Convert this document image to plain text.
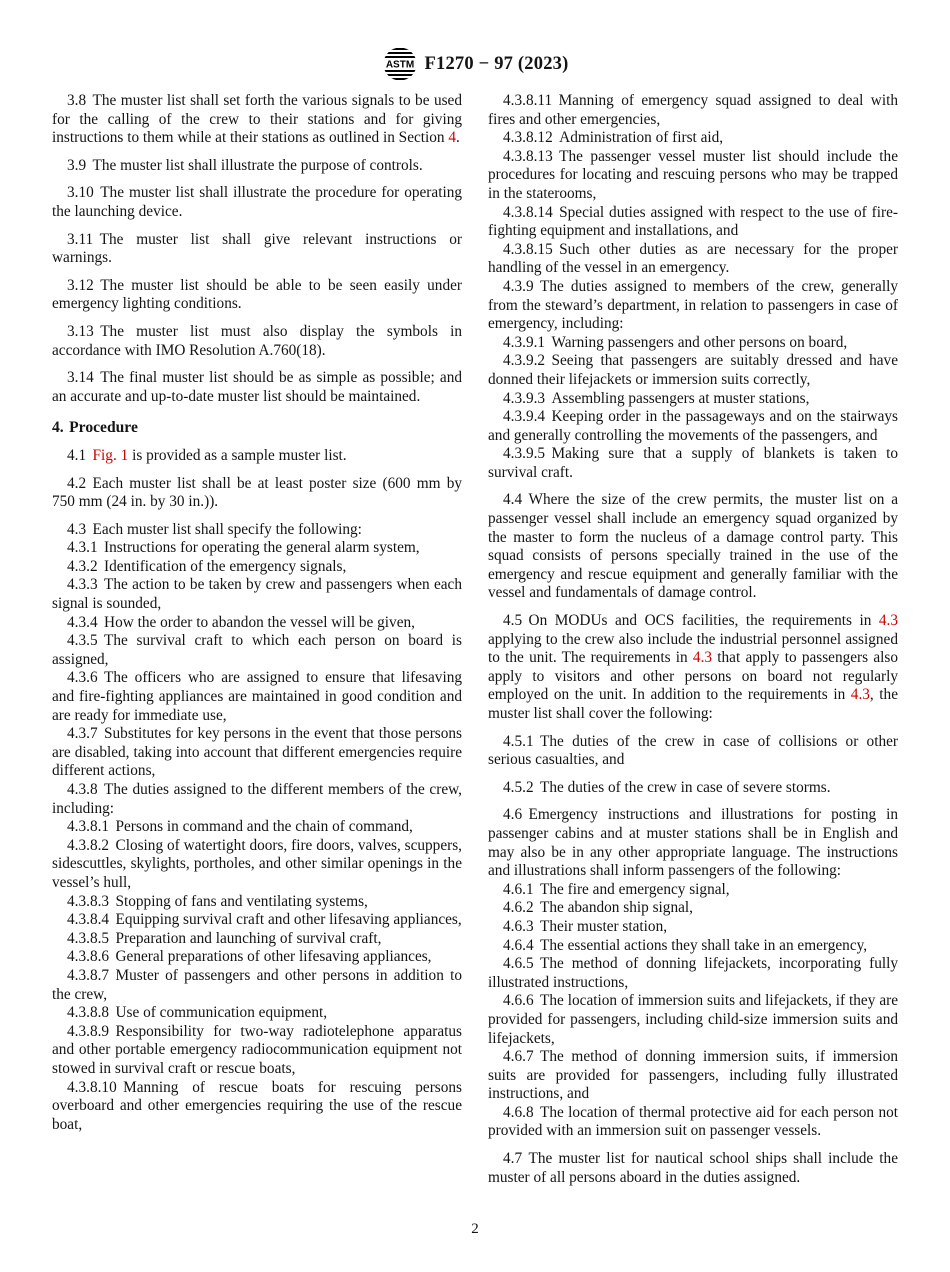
ASTM F1270 − 97 (2023)

3.8 The muster list shall set forth the various signals to be used for the calling of the crew to their stations and for giving instructions to them while at their stations as outlined in Section 4.

3.9 The muster list shall illustrate the purpose of controls.

3.10 The muster list shall illustrate the procedure for operating the launching device.

3.11 The muster list shall give relevant instructions or warnings.

3.12 The muster list should be able to be seen easily under emergency lighting conditions.

3.13 The muster list must also display the symbols in accordance with IMO Resolution A.760(18).

3.14 The final muster list should be as simple as possible; and an accurate and up-to-date muster list should be maintained.

4. Procedure

4.1 Fig. 1 is provided as a sample muster list.

4.2 Each muster list shall be at least poster size (600 mm by 750 mm (24 in. by 30 in.)).

4.3 Each muster list shall specify the following:

4.3.1 Instructions for operating the general alarm system,

4.3.2 Identification of the emergency signals,

4.3.3 The action to be taken by crew and passengers when each signal is sounded,

4.3.4 How the order to abandon the vessel will be given,

4.3.5 The survival craft to which each person on board is assigned,

4.3.6 The officers who are assigned to ensure that lifesaving and fire-fighting appliances are maintained in good condition and are ready for immediate use,

4.3.7 Substitutes for key persons in the event that those persons are disabled, taking into account that different emergencies require different actions,

4.3.8 The duties assigned to the different members of the crew, including:

4.3.8.1 Persons in command and the chain of command,

4.3.8.2 Closing of watertight doors, fire doors, valves, scuppers, sidescuttles, skylights, portholes, and other similar openings in the vessel’s hull,

4.3.8.3 Stopping of fans and ventilating systems,

4.3.8.4 Equipping survival craft and other lifesaving appliances,

4.3.8.5 Preparation and launching of survival craft,

4.3.8.6 General preparations of other lifesaving appliances,

4.3.8.7 Muster of passengers and other persons in addition to the crew,

4.3.8.8 Use of communication equipment,

4.3.8.9 Responsibility for two-way radiotelephone apparatus and other portable emergency radiocommunication equipment not stowed in survival craft or rescue boats,

4.3.8.10 Manning of rescue boats for rescuing persons overboard and other emergencies requiring the use of the rescue boat,

4.3.8.11 Manning of emergency squad assigned to deal with fires and other emergencies,

4.3.8.12 Administration of first aid,

4.3.8.13 The passenger vessel muster list should include the procedures for locating and rescuing persons who may be trapped in the staterooms,

4.3.8.14 Special duties assigned with respect to the use of fire-fighting equipment and installations, and

4.3.8.15 Such other duties as are necessary for the proper handling of the vessel in an emergency.

4.3.9 The duties assigned to members of the crew, generally from the steward’s department, in relation to passengers in case of emergency, including:

4.3.9.1 Warning passengers and other persons on board,

4.3.9.2 Seeing that passengers are suitably dressed and have donned their lifejackets or immersion suits correctly,

4.3.9.3 Assembling passengers at muster stations,

4.3.9.4 Keeping order in the passageways and on the stairways and generally controlling the movements of the passengers, and

4.3.9.5 Making sure that a supply of blankets is taken to survival craft.

4.4 Where the size of the crew permits, the muster list on a passenger vessel shall include an emergency squad organized by the master to form the nucleus of a damage control party. This squad consists of persons specially trained in the use of the emergency and rescue equipment and generally familiar with the vessel and fundamentals of damage control.

4.5 On MODUs and OCS facilities, the requirements in 4.3 applying to the crew also include the industrial personnel assigned to the unit. The requirements in 4.3 that apply to passengers also apply to visitors and other persons on board not regularly employed on the unit. In addition to the requirements in 4.3, the muster list shall cover the following:

4.5.1 The duties of the crew in case of collisions or other serious casualties, and

4.5.2 The duties of the crew in case of severe storms.

4.6 Emergency instructions and illustrations for posting in passenger cabins and at muster stations shall be in English and may also be in any other appropriate language. The instructions and illustrations shall inform passengers of the following:

4.6.1 The fire and emergency signal,

4.6.2 The abandon ship signal,

4.6.3 Their muster station,

4.6.4 The essential actions they shall take in an emergency,

4.6.5 The method of donning lifejackets, incorporating fully illustrated instructions,

4.6.6 The location of immersion suits and lifejackets, if they are provided for passengers, including child-size immersion suits and lifejackets,

4.6.7 The method of donning immersion suits, if immersion suits are provided for passengers, including fully illustrated instructions, and

4.6.8 The location of thermal protective aid for each person not provided with an immersion suit on passenger vessels.

4.7 The muster list for nautical school ships shall include the muster of all persons aboard in the duties assigned.

2
